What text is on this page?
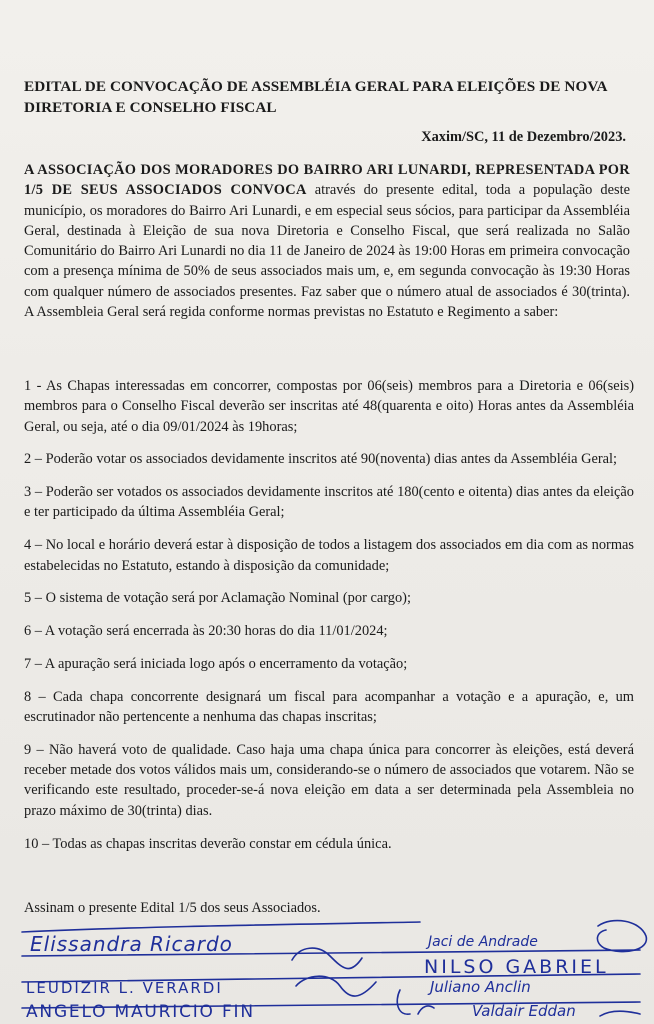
EDITAL DE CONVOCAÇÃO DE ASSEMBLÉIA GERAL PARA ELEIÇÕES DE NOVA DIRETORIA E CONSELHO FISCAL
Xaxim/SC, 11 de Dezembro/2023.
A ASSOCIAÇÃO DOS MORADORES DO BAIRRO ARI LUNARDI, REPRESENTADA POR 1/5 DE SEUS ASSOCIADOS CONVOCA através do presente edital, toda a população deste município, os moradores do Bairro Ari Lunardi, e em especial seus sócios, para participar da Assembléia Geral, destinada à Eleição de sua nova Diretoria e Conselho Fiscal, que será realizada no Salão Comunitário do Bairro Ari Lunardi no dia 11 de Janeiro de 2024 às 19:00 Horas em primeira convocação com a presença mínima de 50% de seus associados mais um, e, em segunda convocação às 19:30 Horas com qualquer número de associados presentes. Faz saber que o número atual de associados é 30(trinta). A Assembleia Geral será regida conforme normas previstas no Estatuto e Regimento a saber:
1 - As Chapas interessadas em concorrer, compostas por 06(seis) membros para a Diretoria e 06(seis) membros para o Conselho Fiscal deverão ser inscritas até 48(quarenta e oito) Horas antes da Assembléia Geral, ou seja, até o dia 09/01/2024 às 19horas;
2 – Poderão votar os associados devidamente inscritos até 90(noventa) dias antes da Assembléia Geral;
3 – Poderão ser votados os associados devidamente inscritos até 180(cento e oitenta) dias antes da eleição e ter participado da última Assembléia Geral;
4 – No local e horário deverá estar à disposição de todos a listagem dos associados em dia com as normas estabelecidas no Estatuto, estando à disposição da comunidade;
5 – O sistema de votação será por Aclamação Nominal (por cargo);
6 – A votação será encerrada às 20:30 horas do dia 11/01/2024;
7 – A apuração será iniciada logo após o encerramento da votação;
8 – Cada chapa concorrente designará um fiscal para acompanhar a votação e a apuração, e, um escrutinador não pertencente a nenhuma das chapas inscritas;
9 – Não haverá voto de qualidade. Caso haja uma chapa única para concorrer às eleições, está deverá receber metade dos votos válidos mais um, considerando-se o número de associados que votarem. Não se verificando este resultado, proceder-se-á nova eleição em data a ser determinada pela Assembleia no prazo máximo de 30(trinta) dias.
10 – Todas as chapas inscritas deverão constar em cédula única.
Assinam o presente Edital 1/5 dos seus Associados.
Elissandra Ricardo	Jaci de Andrade
NILSO GABRIEL
LEUDIZIR L. VERARDI	Juliano Anclin
ANGELO MAURICIO FIN	Valdair Eddan
